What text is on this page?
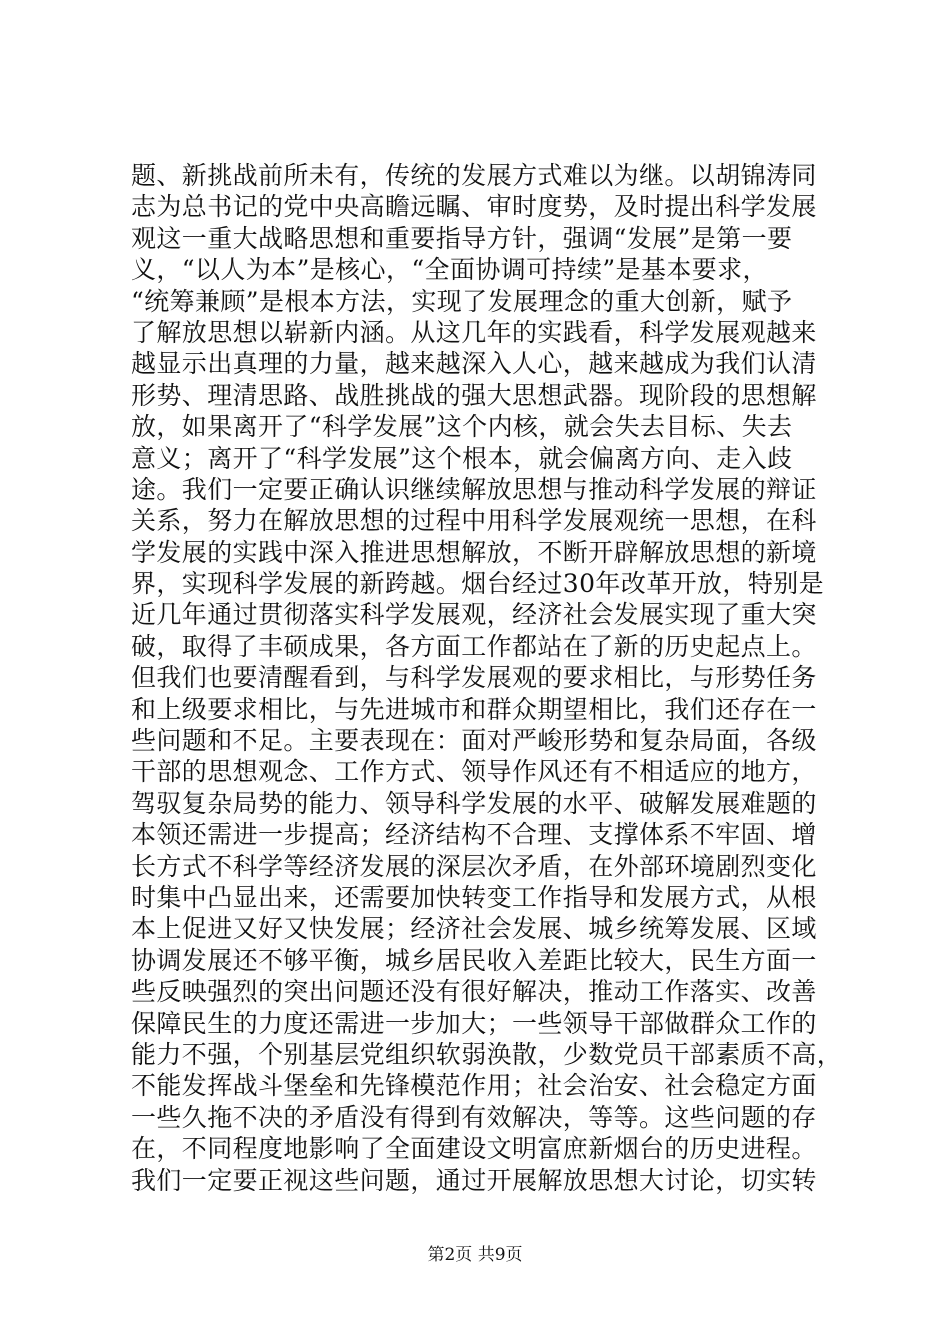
题、新挑战前所未有，传统的发展方式难以为继。以胡锦涛同
志为总书记的党中央高瞻远瞩、审时度势，及时提出科学发展
观这一重大战略思想和重要指导方针，强调“发展”是第一要
义，“以人为本”是核心，“全面协调可持续”是基本要求，
“统筹兼顾”是根本方法，实现了发展理念的重大创新，赋予
了解放思想以崭新内涵。从这几年的实践看，科学发展观越来
越显示出真理的力量，越来越深入人心，越来越成为我们认清
形势、理清思路、战胜挑战的强大思想武器。现阶段的思想解
放，如果离开了“科学发展”这个内核，就会失去目标、失去
意义；离开了“科学发展”这个根本，就会偏离方向、走入歧
途。我们一定要正确认识继续解放思想与推动科学发展的辩证
关系，努力在解放思想的过程中用科学发展观统一思想，在科
学发展的实践中深入推进思想解放，不断开辟解放思想的新境
界，实现科学发展的新跨越。烟台经过30年改革开放，特别是
近几年通过贯彻落实科学发展观，经济社会发展实现了重大突
破，取得了丰硕成果，各方面工作都站在了新的历史起点上。
但我们也要清醒看到，与科学发展观的要求相比，与形势任务
和上级要求相比，与先进城市和群众期望相比，我们还存在一
些问题和不足。主要表现在：面对严峻形势和复杂局面，各级
干部的思想观念、工作方式、领导作风还有不相适应的地方，
驾驭复杂局势的能力、领导科学发展的水平、破解发展难题的
本领还需进一步提高；经济结构不合理、支撑体系不牢固、增
长方式不科学等经济发展的深层次矛盾，在外部环境剧烈变化
时集中凸显出来，还需要加快转变工作指导和发展方式，从根
本上促进又好又快发展；经济社会发展、城乡统筹发展、区域
协调发展还不够平衡，城乡居民收入差距比较大，民生方面一
些反映强烈的突出问题还没有很好解决，推动工作落实、改善
保障民生的力度还需进一步加大；一些领导干部做群众工作的
能力不强，个别基层党组织软弱涣散，少数党员干部素质不高，
不能发挥战斗堡垒和先锋模范作用；社会治安、社会稳定方面
一些久拖不决的矛盾没有得到有效解决，等等。这些问题的存
在，不同程度地影响了全面建设文明富庶新烟台的历史进程。
我们一定要正视这些问题，通过开展解放思想大讨论，切实转
第2页 共9页
